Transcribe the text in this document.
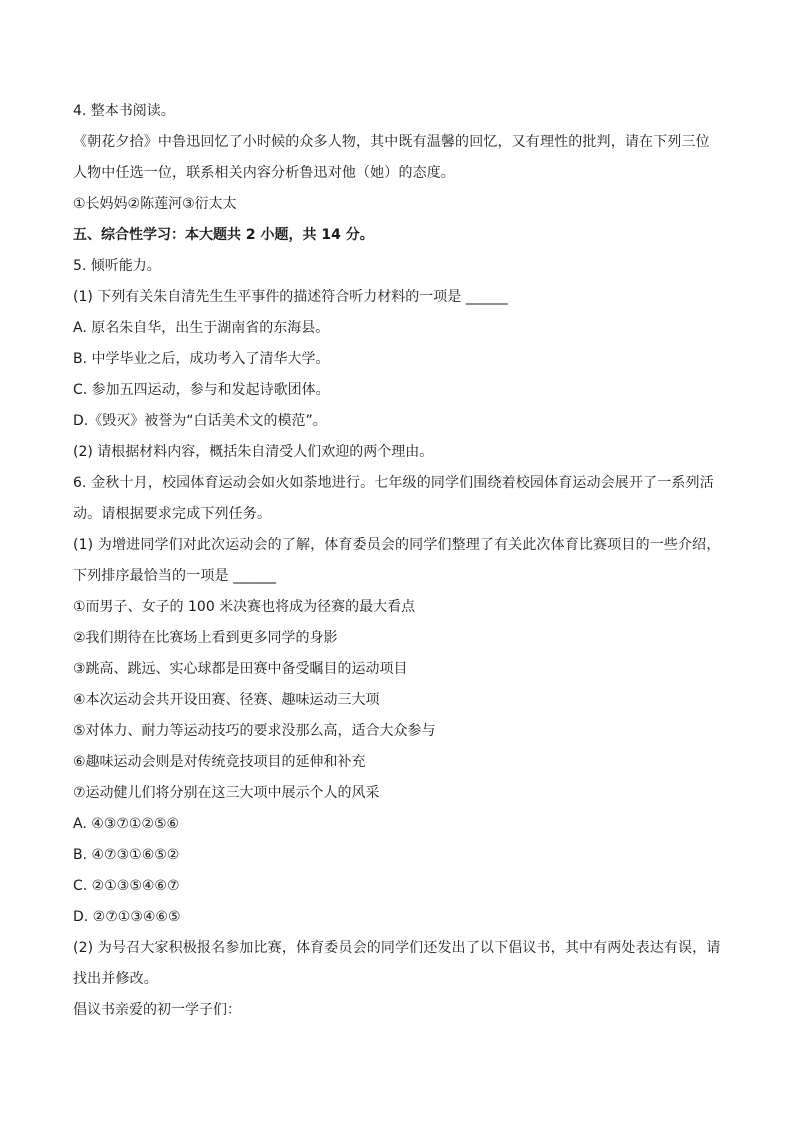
4. 整本书阅读。

《朝花夕拾》中鲁迅回忆了小时候的众多人物，其中既有温馨的回忆，又有理性的批判，请在下列三位人物中任选一位，联系相关内容分析鲁迅对他（她）的态度。

①长妈妈②陈莲河③衍太太

五、综合性学习：本大题共 2 小题，共 14 分。

5. 倾听能力。

(1) 下列有关朱自清先生生平事件的描述符合听力材料的一项是 ______

A. 原名朱自华，出生于湖南省的东海县。

B. 中学毕业之后，成功考入了清华大学。

C. 参加五四运动，参与和发起诗歌团体。

D.《毁灭》被誉为“白话美术文的模范”。

(2) 请根据材料内容，概括朱自清受人们欢迎的两个理由。

6. 金秋十月，校园体育运动会如火如荼地进行。七年级的同学们围绕着校园体育运动会展开了一系列活动。请根据要求完成下列任务。

(1) 为增进同学们对此次运动会的了解，体育委员会的同学们整理了有关此次体育比赛项目的一些介绍，下列排序最恰当的一项是 ______

①而男子、女子的 100 米决赛也将成为径赛的最大看点

②我们期待在比赛场上看到更多同学的身影

③跳高、跳远、实心球都是田赛中备受瞩目的运动项目

④本次运动会共开设田赛、径赛、趣味运动三大项

⑤对体力、耐力等运动技巧的要求没那么高，适合大众参与

⑥趣味运动会则是对传统竞技项目的延伸和补充

⑦运动健儿们将分别在这三大项中展示个人的风采

A. ④③⑦①②⑤⑥

B. ④⑦③①⑥⑤②

C. ②①③⑤④⑥⑦

D. ②⑦①③④⑥⑤

(2) 为号召大家积极报名参加比赛，体育委员会的同学们还发出了以下倡议书，其中有两处表达有误，请找出并修改。

倡议书亲爱的初一学子们：
